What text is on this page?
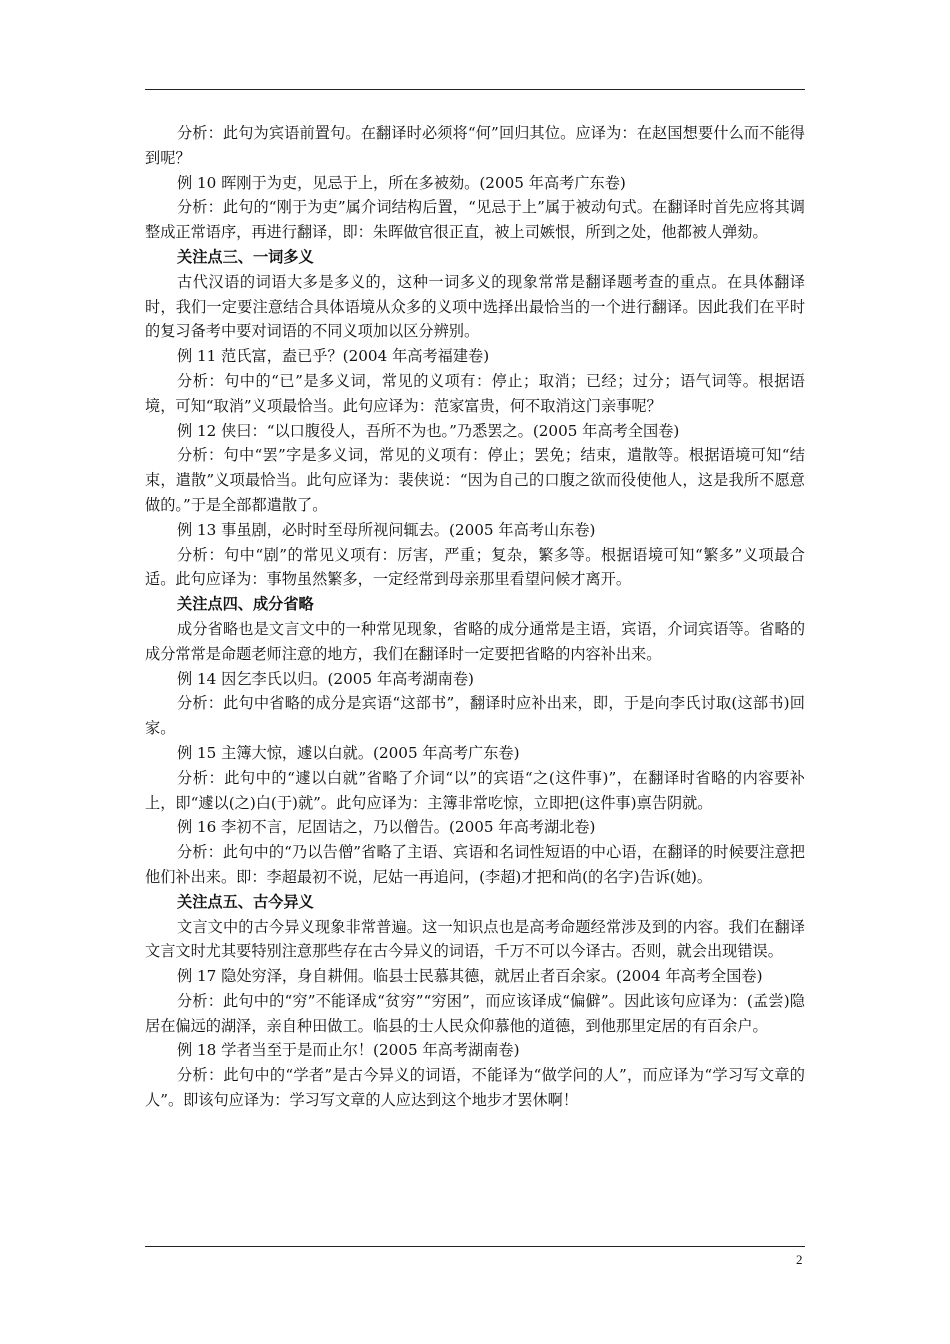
分析：此句为宾语前置句。在翻译时必须将“何”回归其位。应译为：在赵国想要什么而不能得到呢？

例 10 晖刚于为吏，见忌于上，所在多被劾。(2005 年高考广东卷)

分析：此句的“刚于为吏”属介词结构后置，“见忌于上”属于被动句式。在翻译时首先应将其调整成正常语序，再进行翻译，即：朱晖做官很正直，被上司嫉恨，所到之处，他都被人弹劾。

关注点三、一词多义

古代汉语的词语大多是多义的，这种一词多义的现象常常是翻译题考查的重点。在具体翻译时，我们一定要注意结合具体语境从众多的义项中选择出最恰当的一个进行翻译。因此我们在平时的复习备考中要对词语的不同义项加以区分辨别。

例 11 范氏富，盍已乎？(2004 年高考福建卷)

分析：句中的“已”是多义词，常见的义项有：停止；取消；已经；过分；语气词等。根据语境，可知“取消”义项最恰当。此句应译为：范家富贵，何不取消这门亲事呢？

例 12 侠曰：“以口腹役人，吾所不为也。”乃悉罢之。(2005 年高考全国卷)

分析：句中“罢”字是多义词，常见的义项有：停止；罢免；结束，遣散等。根据语境可知“结束，遣散”义项最恰当。此句应译为：裴侠说：“因为自己的口腹之欲而役使他人，这是我所不愿意做的。”于是全部都遣散了。

例 13 事虽剧，必时时至母所视问辄去。(2005 年高考山东卷)

分析：句中“剧”的常见义项有：厉害，严重；复杂，繁多等。根据语境可知“繁多”义项最合适。此句应译为：事物虽然繁多，一定经常到母亲那里看望问候才离开。

关注点四、成分省略

成分省略也是文言文中的一种常见现象，省略的成分通常是主语，宾语，介词宾语等。省略的成分常常是命题老师注意的地方，我们在翻译时一定要把省略的内容补出来。

例 14 因乞李氏以归。(2005 年高考湖南卷)

分析：此句中省略的成分是宾语“这部书”，翻译时应补出来，即，于是向李氏讨取(这部书)回家。

例 15 主簿大惊，遽以白就。(2005 年高考广东卷)

分析：此句中的“遽以白就”省略了介词“以”的宾语“之(这件事)”，在翻译时省略的内容要补上，即“遽以(之)白(于)就”。此句应译为：主簿非常吃惊，立即把(这件事)禀告阴就。

例 16 李初不言，尼固诘之，乃以僧告。(2005 年高考湖北卷)

分析：此句中的“乃以告僧”省略了主语、宾语和名词性短语的中心语，在翻译的时候要注意把他们补出来。即：李超最初不说，尼姑一再追问，(李超)才把和尚(的名字)告诉(她)。

关注点五、古今异义

文言文中的古今异义现象非常普遍。这一知识点也是高考命题经常涉及到的内容。我们在翻译文言文时尤其要特别注意那些存在古今异义的词语，千万不可以今译古。否则，就会出现错误。

例 17 隐处穷泽，身自耕佣。临县士民慕其德，就居止者百余家。(2004 年高考全国卷)

分析：此句中的“穷”不能译成“贫穷”“穷困”，而应该译成“偏僻”。因此该句应译为：(孟尝)隐居在偏远的湖泽，亲自种田做工。临县的士人民众仰慕他的道德，到他那里定居的有百余户。

例 18 学者当至于是而止尔！(2005 年高考湖南卷)

分析：此句中的“学者”是古今异义的词语，不能译为“做学问的人”，而应译为“学习写文章的人”。即该句应译为：学习写文章的人应达到这个地步才罢休啊！

2
